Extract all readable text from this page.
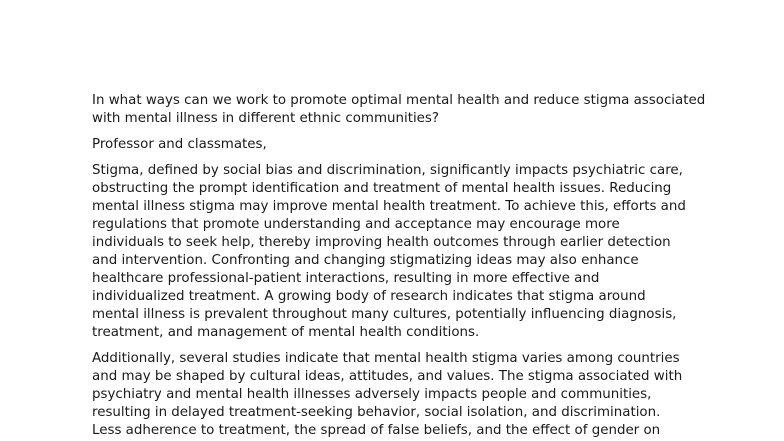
In what ways can we work to promote optimal mental health and reduce stigma associated
with mental illness in different ethnic communities?

Professor and classmates,

Stigma, defined by social bias and discrimination, significantly impacts psychiatric care,
obstructing the prompt identification and treatment of mental health issues. Reducing
mental illness stigma may improve mental health treatment. To achieve this, efforts and
regulations that promote understanding and acceptance may encourage more
individuals to seek help, thereby improving health outcomes through earlier detection
and intervention. Confronting and changing stigmatizing ideas may also enhance
healthcare professional-patient interactions, resulting in more effective and
individualized treatment. A growing body of research indicates that stigma around
mental illness is prevalent throughout many cultures, potentially influencing diagnosis,
treatment, and management of mental health conditions.

Additionally, several studies indicate that mental health stigma varies among countries
and may be shaped by cultural ideas, attitudes, and values. The stigma associated with
psychiatry and mental health illnesses adversely impacts people and communities,
resulting in delayed treatment-seeking behavior, social isolation, and discrimination.
Less adherence to treatment, the spread of false beliefs, and the effect of gender on
